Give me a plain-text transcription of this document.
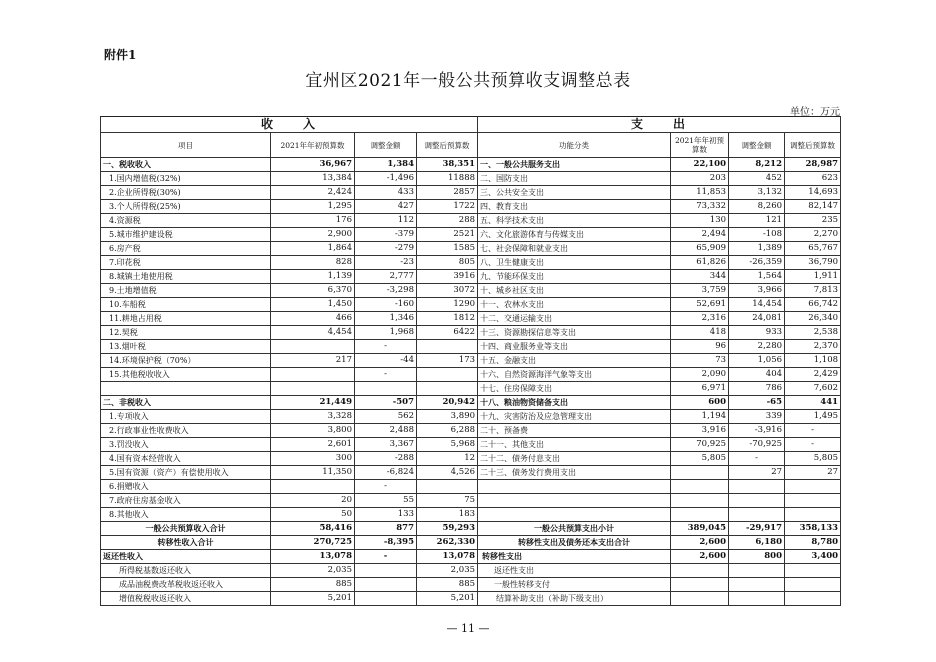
附件1
宜州区2021年一般公共预算收支调整总表
单位：万元
收　　入				支　　出			
项目	2021年年初预算数	调整金额	调整后预算数	功能分类	2021年年初预算数	调整金额	调整后预算数
一、税收收入	36,967	1,384	38,351	一、一般公共服务支出	22,100	8,212	28,987
1.国内增值税(32%)	13,384	-1,496	11888	二、国防支出	203	452	623
2.企业所得税(30%)	2,424	433	2857	三、公共安全支出	11,853	3,132	14,693
3.个人所得税(25%)	1,295	427	1722	四、教育支出	73,332	8,260	82,147
4.资源税	176	112	288	五、科学技术支出	130	121	235
5.城市维护建设税	2,900	-379	2521	六、文化旅游体育与传媒支出	2,494	-108	2,270
6.房产税	1,864	-279	1585	七、社会保障和就业支出	65,909	1,389	65,767
7.印花税	828	-23	805	八、卫生健康支出	61,826	-26,359	36,790
8.城镇土地使用税	1,139	2,777	3916	九、节能环保支出	344	1,564	1,911
9.土地增值税	6,370	-3,298	3072	十、城乡社区支出	3,759	3,966	7,813
10.车船税	1,450	-160	1290	十一、农林水支出	52,691	14,454	66,742
11.耕地占用税	466	1,346	1812	十二、交通运输支出	2,316	24,081	26,340
12.契税	4,454	1,968	6422	十三、资源勘探信息等支出	418	933	2,538
13.烟叶税		-		十四、商业服务业等支出	96	2,280	2,370
14.环境保护税（70%）	217	-44	173	十五、金融支出	73	1,056	1,108
15.其他税收收入		-		十六、自然资源海洋气象等支出	2,090	404	2,429
				十七、住房保障支出	6,971	786	7,602
二、非税收入	21,449	-507	20,942	十八、粮油物资储备支出	600	-65	441
1.专项收入	3,328	562	3,890	十九、灾害防治及应急管理支出	1,194	339	1,495
2.行政事业性收费收入	3,800	2,488	6,288	二十、预备费	3,916	-3,916	-
3.罚没收入	2,601	3,367	5,968	二十一、其他支出	70,925	-70,925	-
4.国有资本经营收入	300	-288	12	二十二、债务付息支出	5,805	-	5,805
5.国有资源（资产）有偿使用收入	11,350	-6,824	4,526	二十三、债务发行费用支出		27	27
6.捐赠收入		-					
7.政府住房基金收入	20	55	75				
8.其他收入	50	133	183				
一般公共预算收入合计	58,416	877	59,293	一般公共预算支出小计	389,045	-29,917	358,133
转移性收入合计	270,725	-8,395	262,330	转移性支出及债务还本支出合计	2,600	6,180	8,780
返还性收入	13,078	-	13,078	转移性支出	2,600	800	3,400
所得税基数返还收入	2,035		2,035	返还性支出			
成品油税费改革税收返还收入	885		885	一般性转移支付			
增值税税收返还收入	5,201		5,201	结算补助支出（补助下级支出）			
— 11 —
